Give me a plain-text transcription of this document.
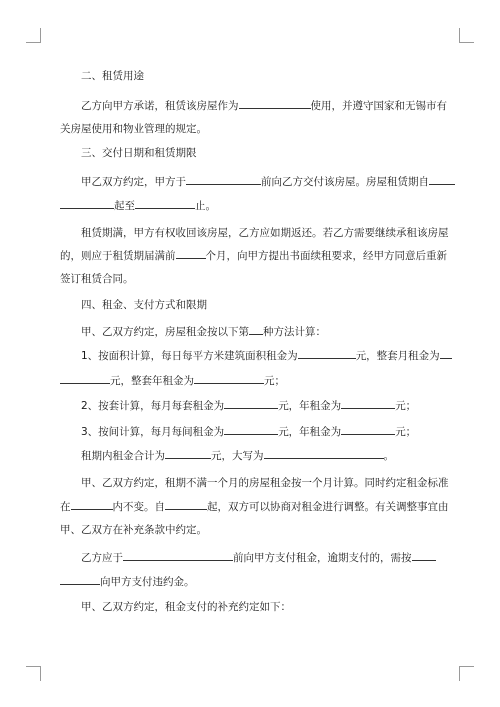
二、租赁用途
乙方向甲方承诺，租赁该房屋作为	使用，并遵守国家和无锡市有
关房屋使用和物业管理的规定。
三、交付日期和租赁期限
甲乙双方约定，甲方于	前向乙方交付该房屋。房屋租赁期自
起至	止。
租赁期满，甲方有权收回该房屋，乙方应如期返还。若乙方需要继续承租该房屋
的，则应于租赁期届满前	个月，向甲方提出书面续租要求，经甲方同意后重新
签订租赁合同。
四、租金、支付方式和限期
甲、乙双方约定，房屋租金按以下第 种方法计算：
1、按面积计算，每日每平方米建筑面积租金为	元，整套月租金为
元，整套年租金为	元；
2、按套计算，每月每套租金为	元，年租金为	元；
3、按间计算，每月每间租金为	元，年租金为	元；
租期内租金合计为	元，大写为	。
甲、乙双方约定，租期不满一个月的房屋租金按一个月计算。同时约定租金标准
在	内不变。自	起，双方可以协商对租金进行调整。有关调整事宜由
甲、乙双方在补充条款中约定。
乙方应于	前向甲方支付租金，逾期支付的，需按
向甲方支付违约金。
甲、乙双方约定，租金支付的补充约定如下：
